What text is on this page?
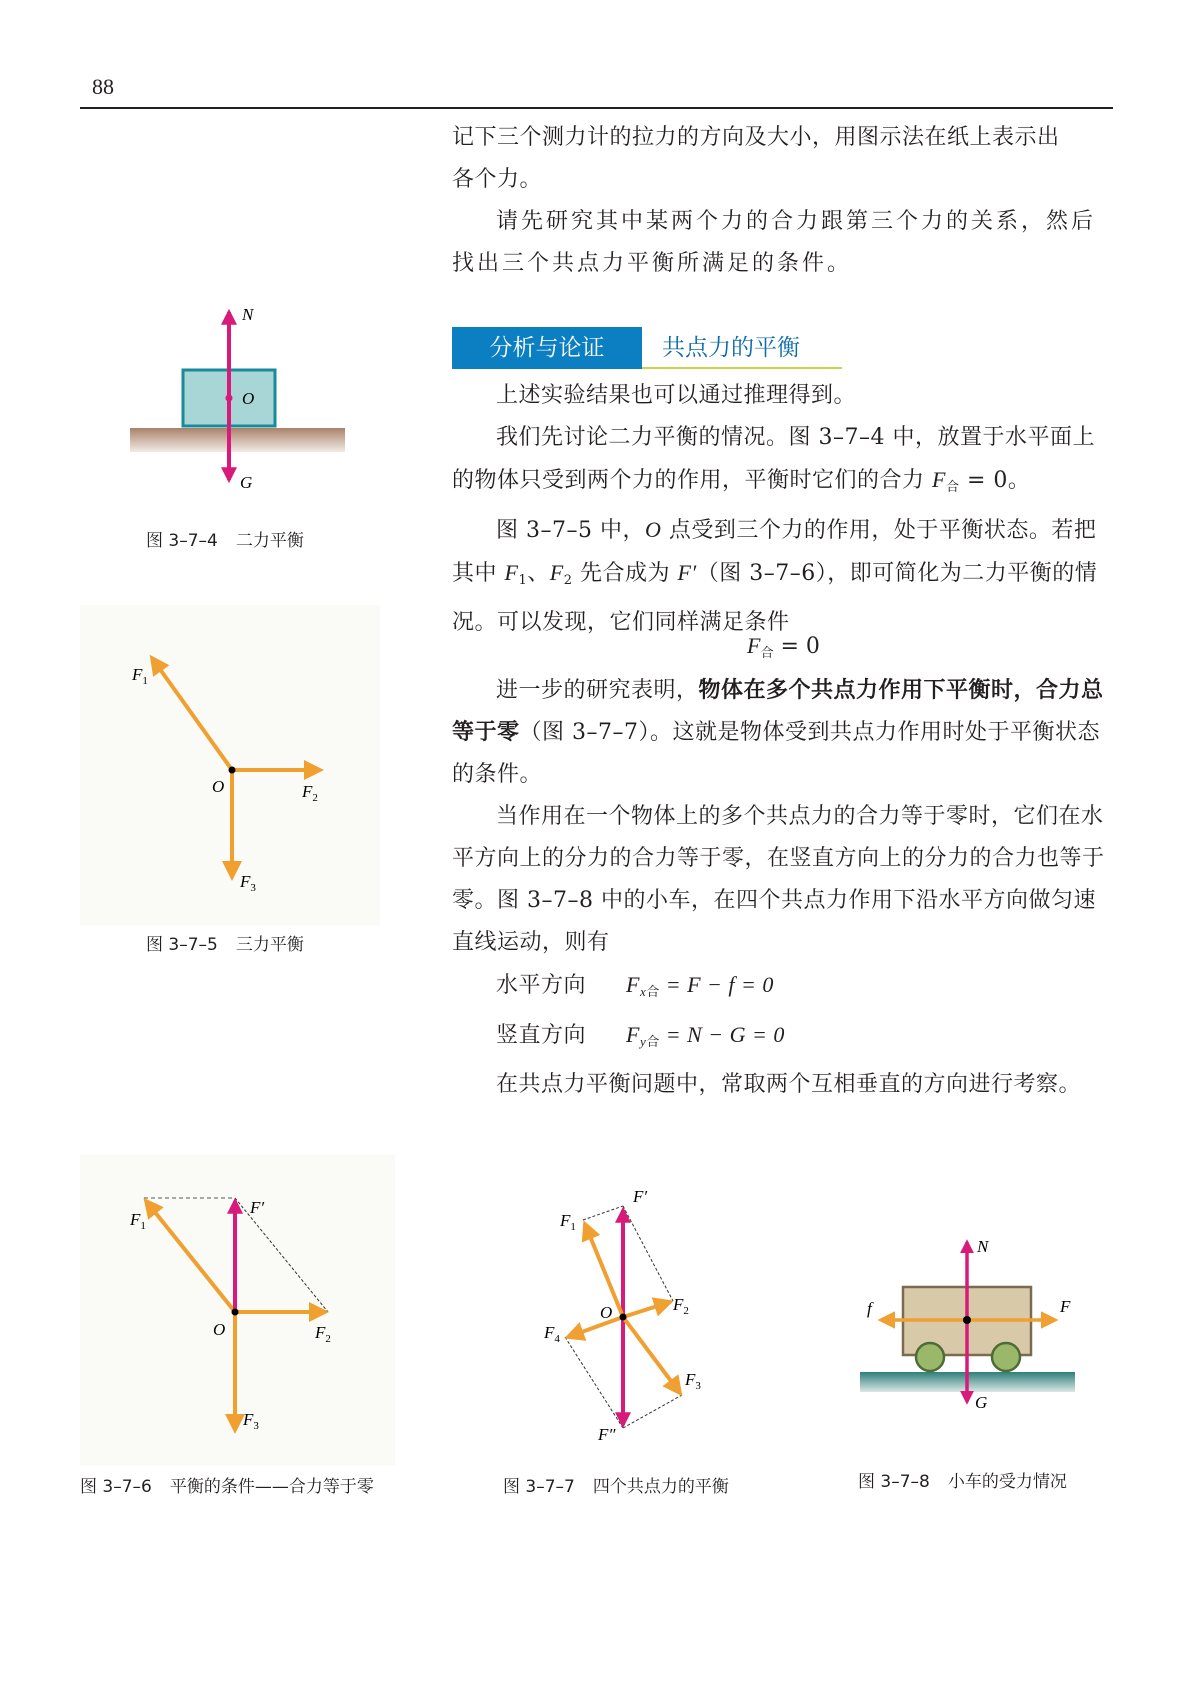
88

记下三个测力计的拉力的方向及大小，用图示法在纸上表示出

各个力。

请先研究其中某两个力的合力跟第三个力的关系，然后找出三个共点力平衡所满足的条件。

分析与论证	共点力的平衡

上述实验结果也可以通过推理得到。

我们先讨论二力平衡的情况。图 3–7–4 中，放置于水平面上的物体只受到两个力的作用，平衡时它们的合力 $F_合 = 0$。

图 3–7–5 中，O 点受到三个力的作用，处于平衡状态。若把其中 $F_1$、$F_2$ 先合成为 F′（图 3–7–6），即可简化为二力平衡的情况。可以发现，它们同样满足条件

$F_合 = 0$

进一步的研究表明，物体在多个共点力作用下平衡时，合力总等于零（图 3–7–7）。这就是物体受到共点力作用时处于平衡状态的条件。

当作用在一个物体上的多个共点力的合力等于零时，它们在水平方向上的分力的合力等于零，在竖直方向上的分力的合力也等于零。图 3–7–8 中的小车，在四个共点力作用下沿水平方向做匀速直线运动，则有

水平方向 $F_{x合} = F - f = 0$

竖直方向 $F_{y合} = N - G = 0$

在共点力平衡问题中，常取两个互相垂直的方向进行考察。

N
O
G
图 3–7–4 二力平衡
$F_1$
O	$F_2$
$F_3$
图 3–7–5 三力平衡
$F_1$
F′
O	$F_2$
$F_3$
图 3–7–6 平衡的条件——合力等于零
$F_1$
F′
O	$F_2$
$F_4$
$F_3$
F″
图 3–7–7 四个共点力的平衡
N
f	F
G
图 3–7–8 小车的受力情况
